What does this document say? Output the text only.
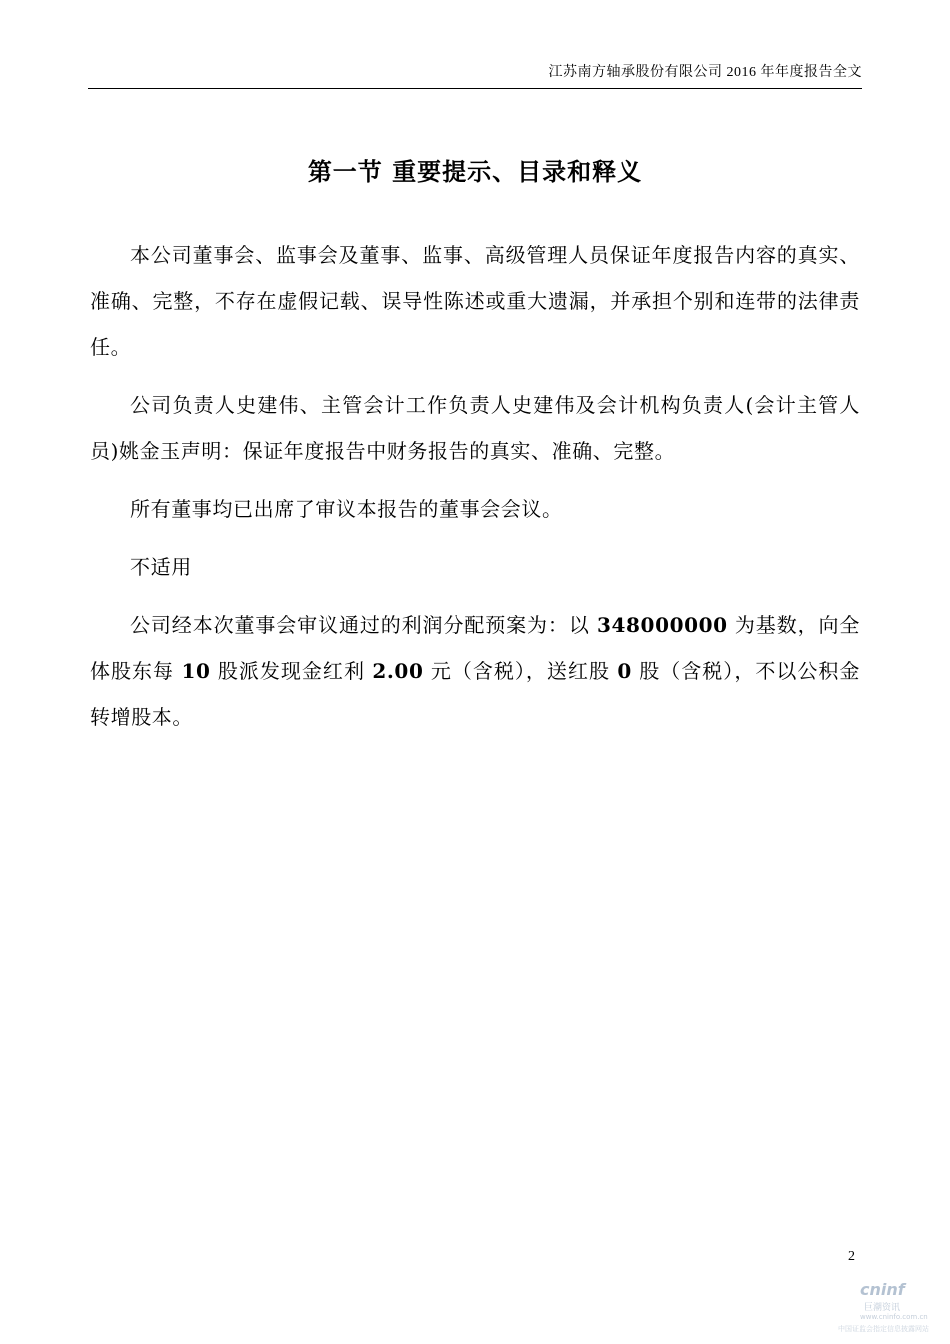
江苏南方轴承股份有限公司 2016 年年度报告全文
第一节 重要提示、目录和释义

本公司董事会、监事会及董事、监事、高级管理人员保证年度报告内容的真实、准确、完整，不存在虚假记载、误导性陈述或重大遗漏，并承担个别和连带的法律责任。

公司负责人史建伟、主管会计工作负责人史建伟及会计机构负责人(会计主管人员)姚金玉声明：保证年度报告中财务报告的真实、准确、完整。

所有董事均已出席了审议本报告的董事会会议。

不适用

公司经本次董事会审议通过的利润分配预案为：以 348000000 为基数，向全体股东每 10 股派发现金红利 2.00 元（含税），送红股 0 股（含税），不以公积金转增股本。

2
cninf
巨潮资讯
www.cninfo.com.cn
中国证监会指定信息披露网站
